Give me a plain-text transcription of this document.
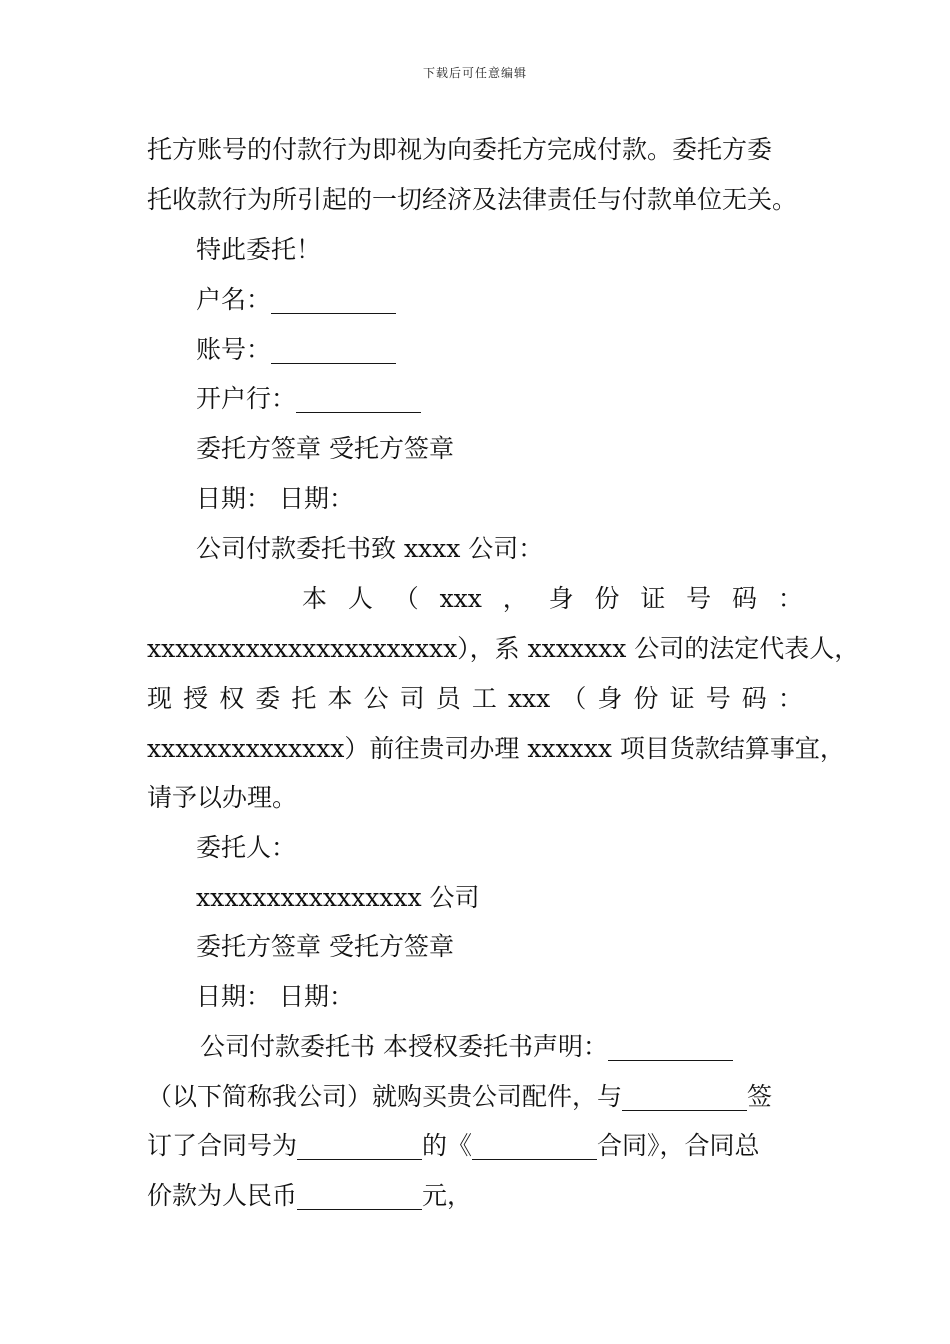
下载后可任意编辑
托方账号的付款行为即视为向委托方完成付款。委托方委
托收款行为所引起的一切经济及法律责任与付款单位无关。
特此委托！
户名：__________
账号：__________
开户行：__________
委托方签章 受托方签章
日期： 日期：
公司付款委托书致 xxxx 公司：
本 人 （ xxx ， 身 份 证 号 码 ：
xxxxxxxxxxxxxxxxxxxxxx），系 xxxxxxx 公司的法定代表人，
现 授 权 委 托 本 公 司 员 工 xxx （ 身 份 证 号 码 ：
xxxxxxxxxxxxxx）前往贵司办理 xxxxxx 项目货款结算事宜，
请予以办理。
委托人：
xxxxxxxxxxxxxxxx 公司
委托方签章 受托方签章
日期： 日期：
公司付款委托书 本授权委托书声明：__________
（以下简称我公司）就购买贵公司配件，与__________签
订了合同号为__________的《__________合同》，合同总
价款为人民币__________元，
